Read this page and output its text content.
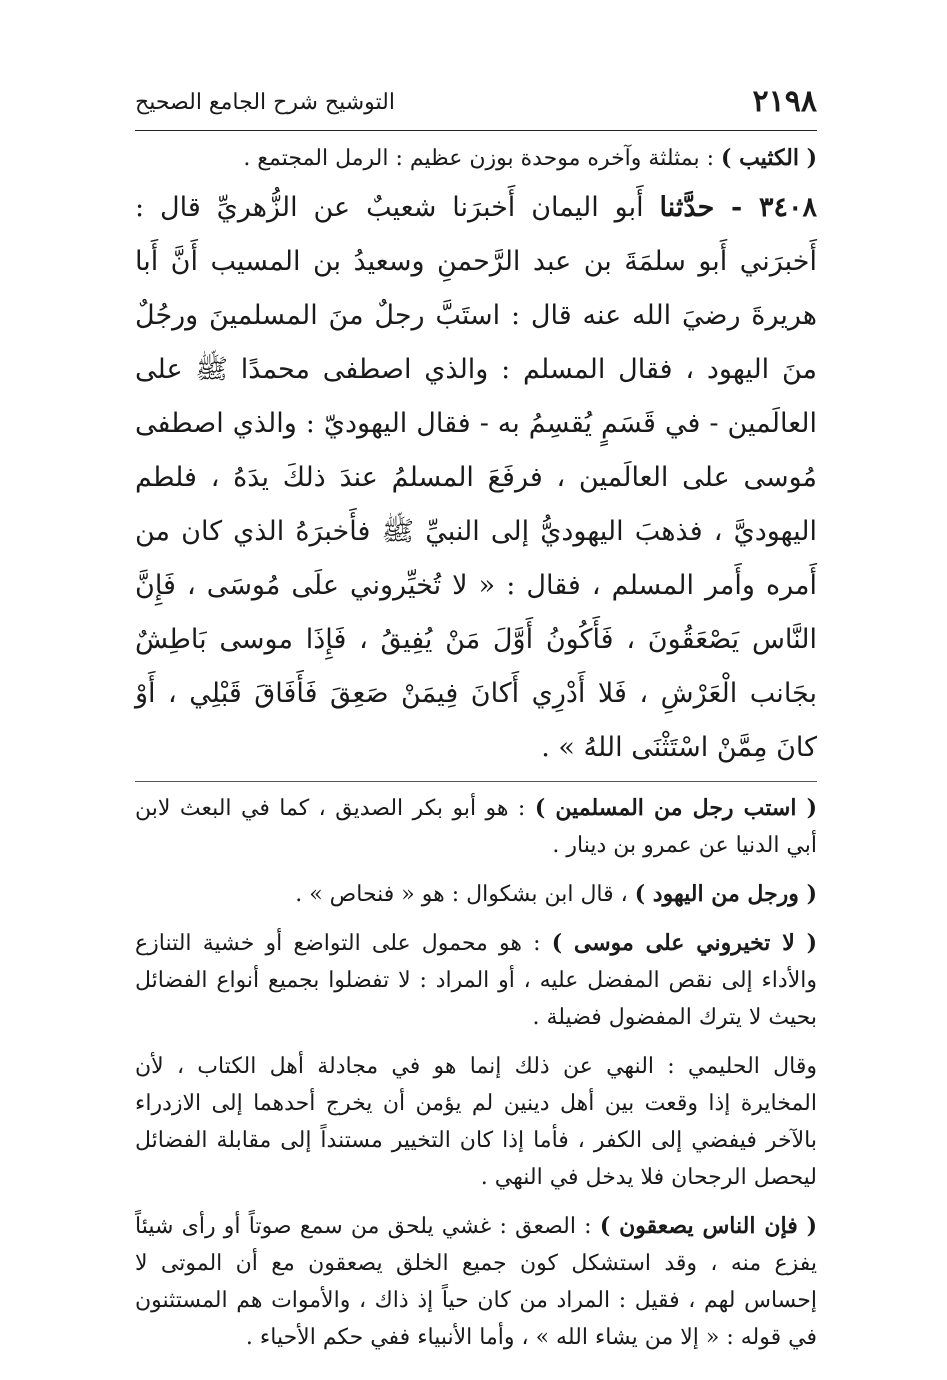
٢١٩٨
التوشيح شرح الجامع الصحيح

( الكثيب ) : بمثلثة وآخره موحدة بوزن عظيم : الرمل المجتمع .

٣٤٠٨ - حدَّثنا أَبو اليمان أَخبرَنا شعيبٌ عن الزُّهريِّ قال : أَخبرَني أَبو سلمَةَ بن عبد الرَّحمنِ وسعيدُ بن المسيب أَنَّ أَبا هريرةَ رضيَ الله عنه قال : استَبَّ رجلٌ منَ المسلمينَ ورجُلٌ منَ اليهود ، فقال المسلم : والذي اصطفى محمدًا ﷺ على العالَمين - في قَسَمٍ يُقسِمُ به - فقال اليهوديّ : والذي اصطفى مُوسى على العالَمين ، فرفَعَ المسلمُ عندَ ذلكَ يدَهُ ، فلطم اليهوديَّ ، فذهبَ اليهوديُّ إلى النبيِّ ﷺ فأَخبرَهُ الذي كان من أَمره وأَمر المسلم ، فقال : « لا تُخيِّروني علَى مُوسَى ، فَإِنَّ النَّاس يَصْعَقُونَ ، فَأَكُونُ أَوَّلَ مَنْ يُفِيقُ ، فَإِذَا موسى بَاطِشٌ بجَانب الْعَرْشِ ، فَلا أَدْرِي أَكانَ فِيمَنْ صَعِقَ فَأَفَاقَ قَبْلِي ، أَوْ كانَ مِمَّنْ اسْتَثْنَى اللهُ » .

( استب رجل من المسلمين ) : هو أبو بكر الصديق ، كما في البعث لابن أبي الدنيا عن عمرو بن دينار .

( ورجل من اليهود ) ، قال ابن بشكوال : هو « فنحاص » .

( لا تخيروني على موسى ) : هو محمول على التواضع أو خشية التنازع والأداء إلى نقص المفضل عليه ، أو المراد : لا تفضلوا بجميع أنواع الفضائل بحيث لا يترك المفضول فضيلة .

وقال الحليمي : النهي عن ذلك إنما هو في مجادلة أهل الكتاب ، لأن المخايرة إذا وقعت بين أهل دينين لم يؤمن أن يخرج أحدهما إلى الازدراء بالآخر فيفضي إلى الكفر ، فأما إذا كان التخيير مستنداً إلى مقابلة الفضائل ليحصل الرجحان فلا يدخل في النهي .

( فإن الناس يصعقون ) : الصعق : غشي يلحق من سمع صوتاً أو رأى شيئاً يفزع منه ، وقد استشكل كون جميع الخلق يصعقون مع أن الموتى لا إحساس لهم ، فقيل : المراد من كان حياً إذ ذاك ، والأموات هم المستثنون في قوله : « إلا من يشاء الله » ، وأما الأنبياء ففي حكم الأحياء .
